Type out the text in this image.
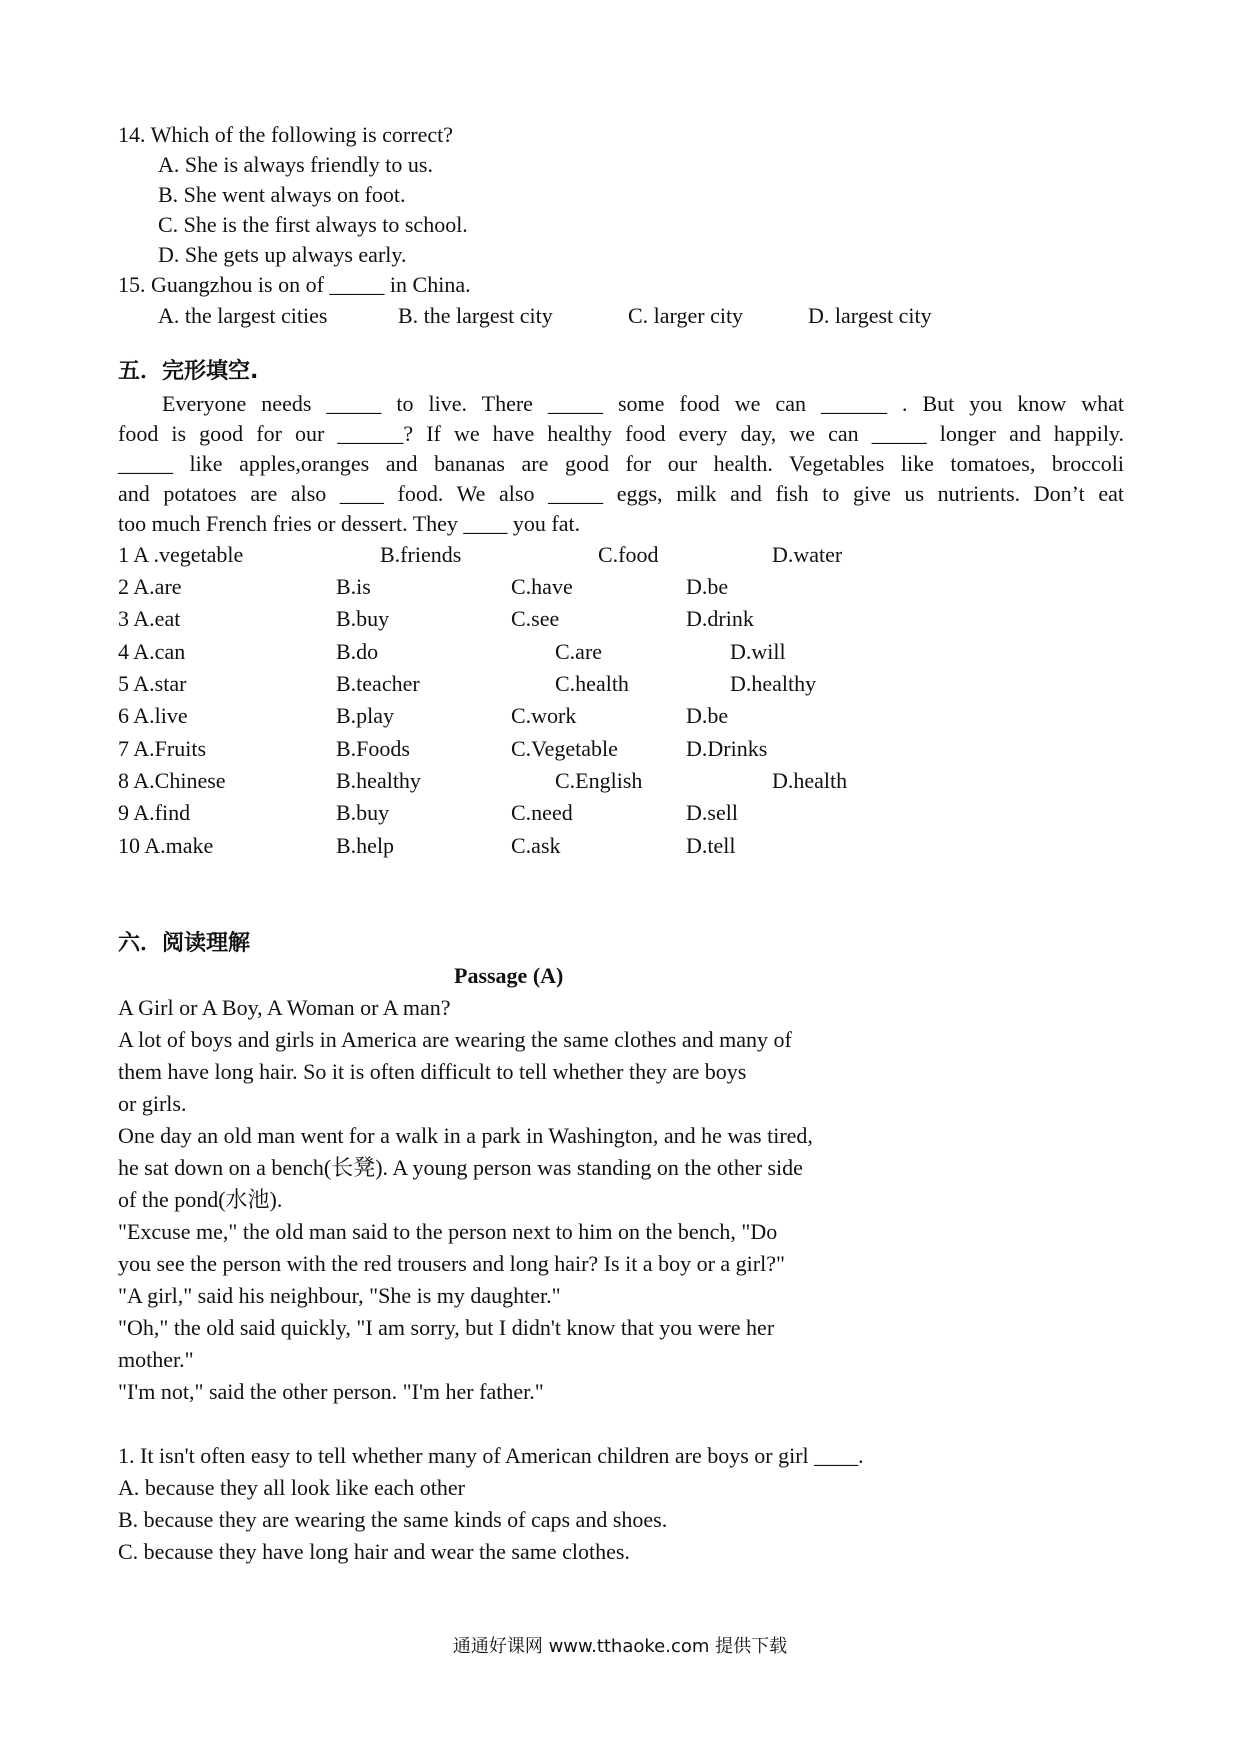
14. Which of the following is correct?
A. She is always friendly to us.
B. She went always on foot.
C. She is the first always to school.
D. She gets up always early.
15. Guangzhou is on of _____ in China.
A. the largest cities	B. the largest city	C. larger city	D. largest city
五．完形填空.
Everyone needs _____ to live. There _____ some food we can ______ . But you know what
food is good for our ______? If we have healthy food every day, we can _____ longer and happily.
_____ like apples,oranges and bananas are good for our health. Vegetables like tomatoes, broccoli
and potatoes are also ____ food. We also _____ eggs, milk and fish to give us nutrients. Don’t eat
too much French fries or dessert. They ____ you fat.
1 A .vegetable	B.friends	C.food	D.water
2 A.are	B.is	C.have	D.be
3 A.eat	B.buy	C.see	D.drink
4 A.can	B.do	C.are	D.will
5 A.star	B.teacher	C.health	D.healthy
6 A.live	B.play	C.work	D.be
7 A.Fruits	B.Foods	C.Vegetable	D.Drinks
8 A.Chinese	B.healthy	C.English	D.health
9 A.find	B.buy	C.need	D.sell
10 A.make	B.help	C.ask	D.tell
六．阅读理解
Passage (A)
A Girl or A Boy, A Woman or A man?
A lot of boys and girls in America are wearing the same clothes and many of
them have long hair. So it is often difficult to tell whether they are boys
or girls.
One day an old man went for a walk in a park in Washington, and he was tired,
he sat down on a bench(长凳). A young person was standing on the other side
of the pond(水池).
"Excuse me," the old man said to the person next to him on the bench, "Do
you see the person with the red trousers and long hair? Is it a boy or a girl?"
"A girl," said his neighbour, "She is my daughter."
"Oh," the old said quickly, "I am sorry, but I didn't know that you were her
mother."
"I'm not," said the other person. "I'm her father."
1. It isn't often easy to tell whether many of American children are boys or girl ____.
A. because they all look like each other
B. because they are wearing the same kinds of caps and shoes.
C. because they have long hair and wear the same clothes.
通通好课网 www.tthaoke.com 提供下载
